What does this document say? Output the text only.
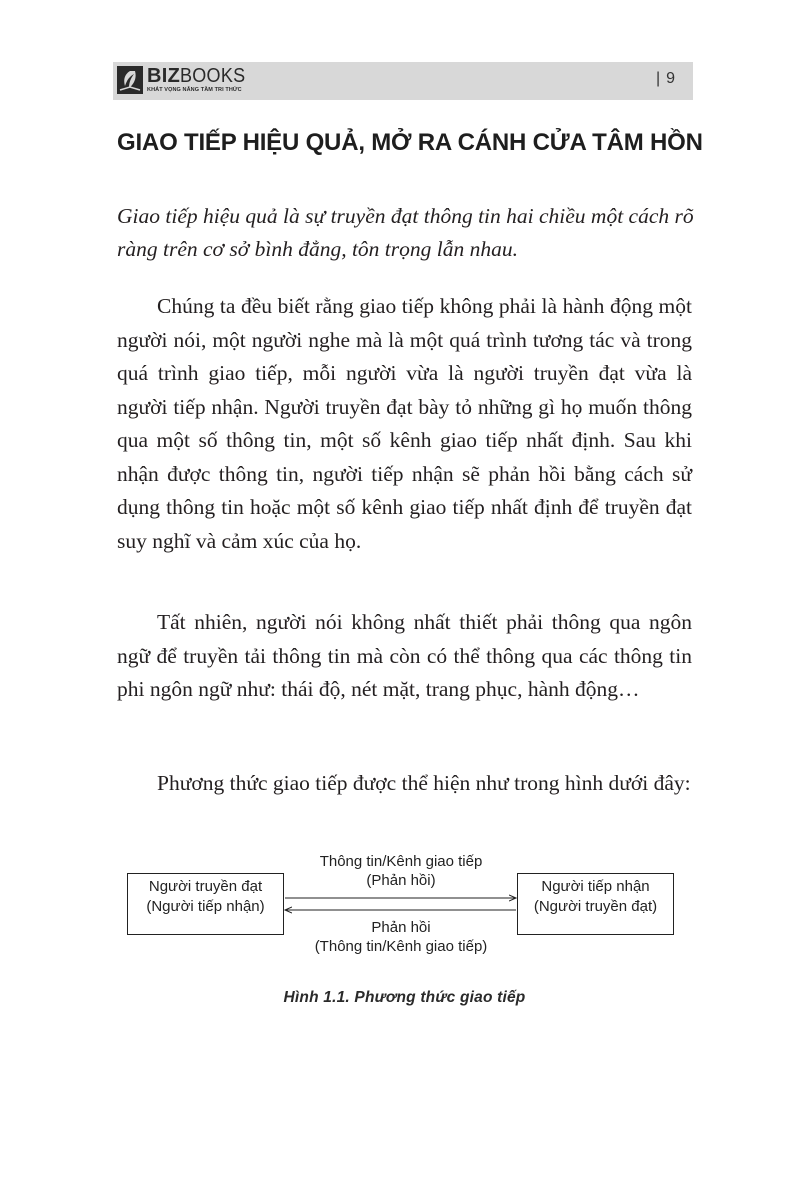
BIZBOOKS
KHÁT VỌNG NÂNG TẦM TRI THỨC
| 9
GIAO TIẾP HIỆU QUẢ, MỞ RA CÁNH CỬA TÂM HỒN
Giao tiếp hiệu quả là sự truyền đạt thông tin hai chiều một cách rõ ràng trên cơ sở bình đẳng, tôn trọng lẫn nhau.
Chúng ta đều biết rằng giao tiếp không phải là hành động một người nói, một người nghe mà là một quá trình tương tác và trong quá trình giao tiếp, mỗi người vừa là người truyền đạt vừa là người tiếp nhận. Người truyền đạt bày tỏ những gì họ muốn thông qua một số thông tin, một số kênh giao tiếp nhất định. Sau khi nhận được thông tin, người tiếp nhận sẽ phản hồi bằng cách sử dụng thông tin hoặc một số kênh giao tiếp nhất định để truyền đạt suy nghĩ và cảm xúc của họ.
Tất nhiên, người nói không nhất thiết phải thông qua ngôn ngữ để truyền tải thông tin mà còn có thể thông qua các thông tin phi ngôn ngữ như: thái độ, nét mặt, trang phục, hành động…
Phương thức giao tiếp được thể hiện như trong hình dưới đây:
Người truyền đạt
(Người tiếp nhận)
Người tiếp nhận
(Người truyền đạt)
Thông tin/Kênh giao tiếp
(Phản hồi)
Phản hồi
(Thông tin/Kênh giao tiếp)
Hình 1.1. Phương thức giao tiếp
